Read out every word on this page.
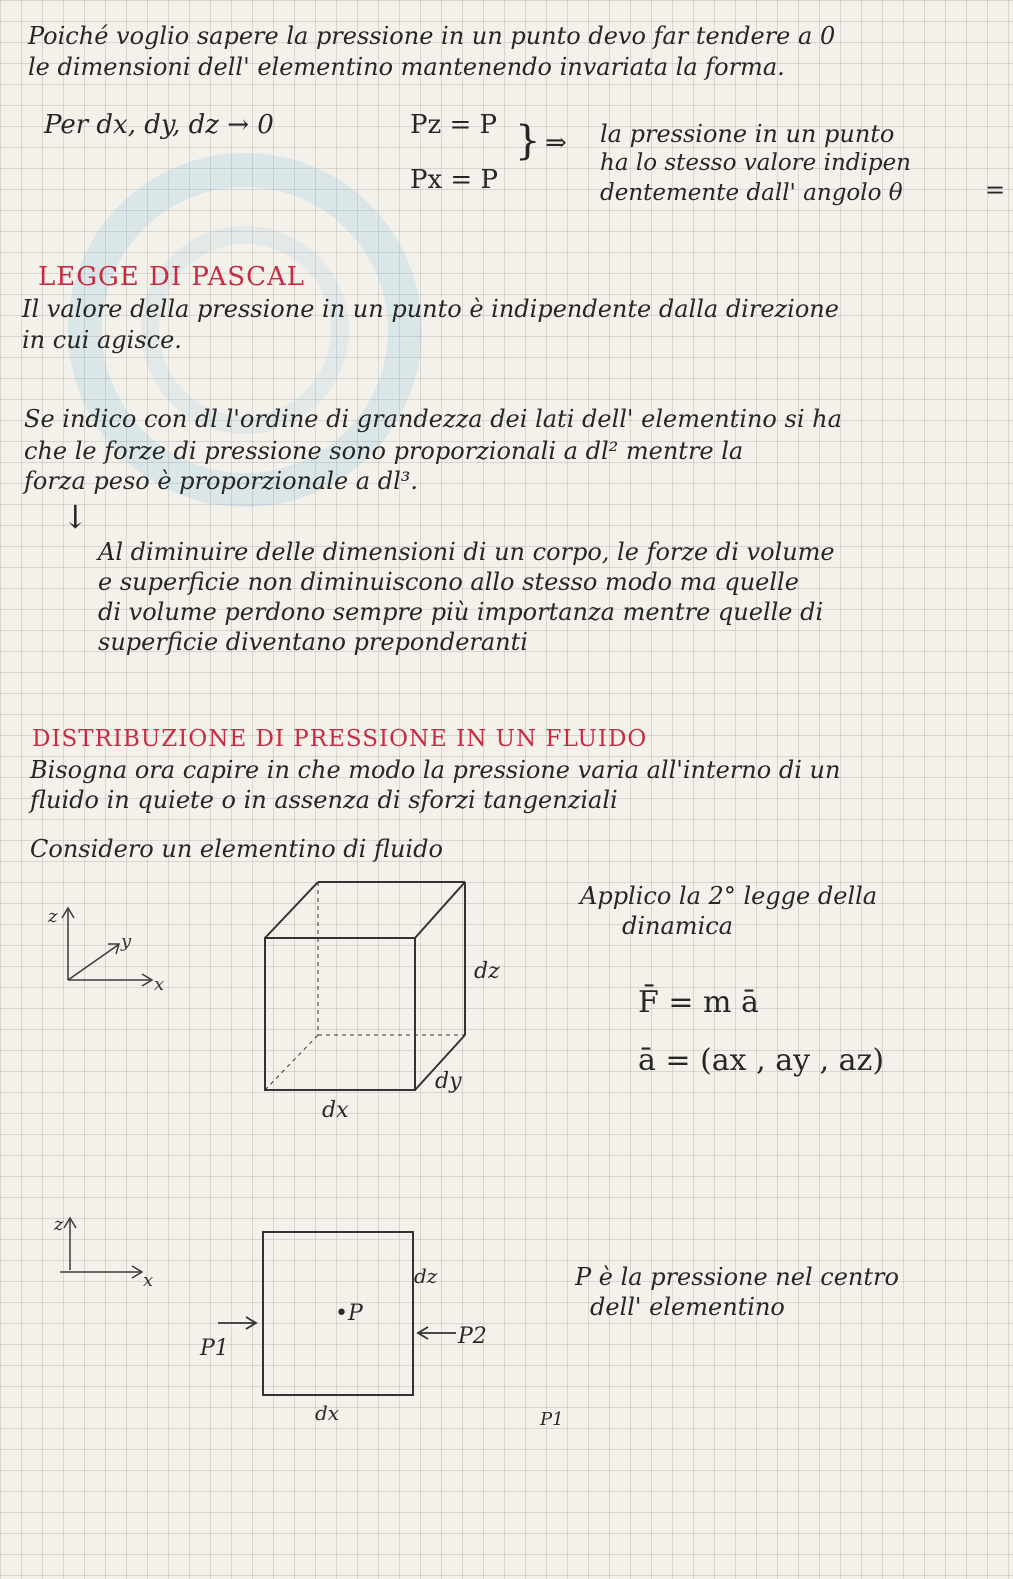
Poiché voglio sapere la pressione in un punto devo far tendere a 0
le dimensioni dell' elementino mantenendo invariata la forma.
Per dx, dy, dz → 0	Pz = P
Px = P
} ⇒ la pressione in un punto
ha lo stesso valore indipen
dentemente dall' angolo θ	=
LEGGE DI PASCAL
Il valore della pressione in un punto è indipendente dalla direzione
in cui agisce.
Se indico con dl l'ordine di grandezza dei lati dell' elementino si ha
che le forze di pressione sono proporzionali a dl² mentre la
forza peso è proporzionale a dl³.
↓
Al diminuire delle dimensioni di un corpo, le forze di volume
e superficie non diminuiscono allo stesso modo ma quelle
di volume perdono sempre più importanza mentre quelle di
superficie diventano preponderanti
DISTRIBUZIONE DI PRESSIONE IN UN FLUIDO
Bisogna ora capire in che modo la pressione varia all'interno di un
fluido in quiete o in assenza di sforzi tangenziali
Considero un elementino di fluido
Applico la 2° legge della
dinamica
F̄ = m ā
ā = (ax , ay , az)
P è la pressione nel centro
dell' elementino
z
y
x
dz
dy
dx
z
x
•P
P1	P2
dz
dx	P1
